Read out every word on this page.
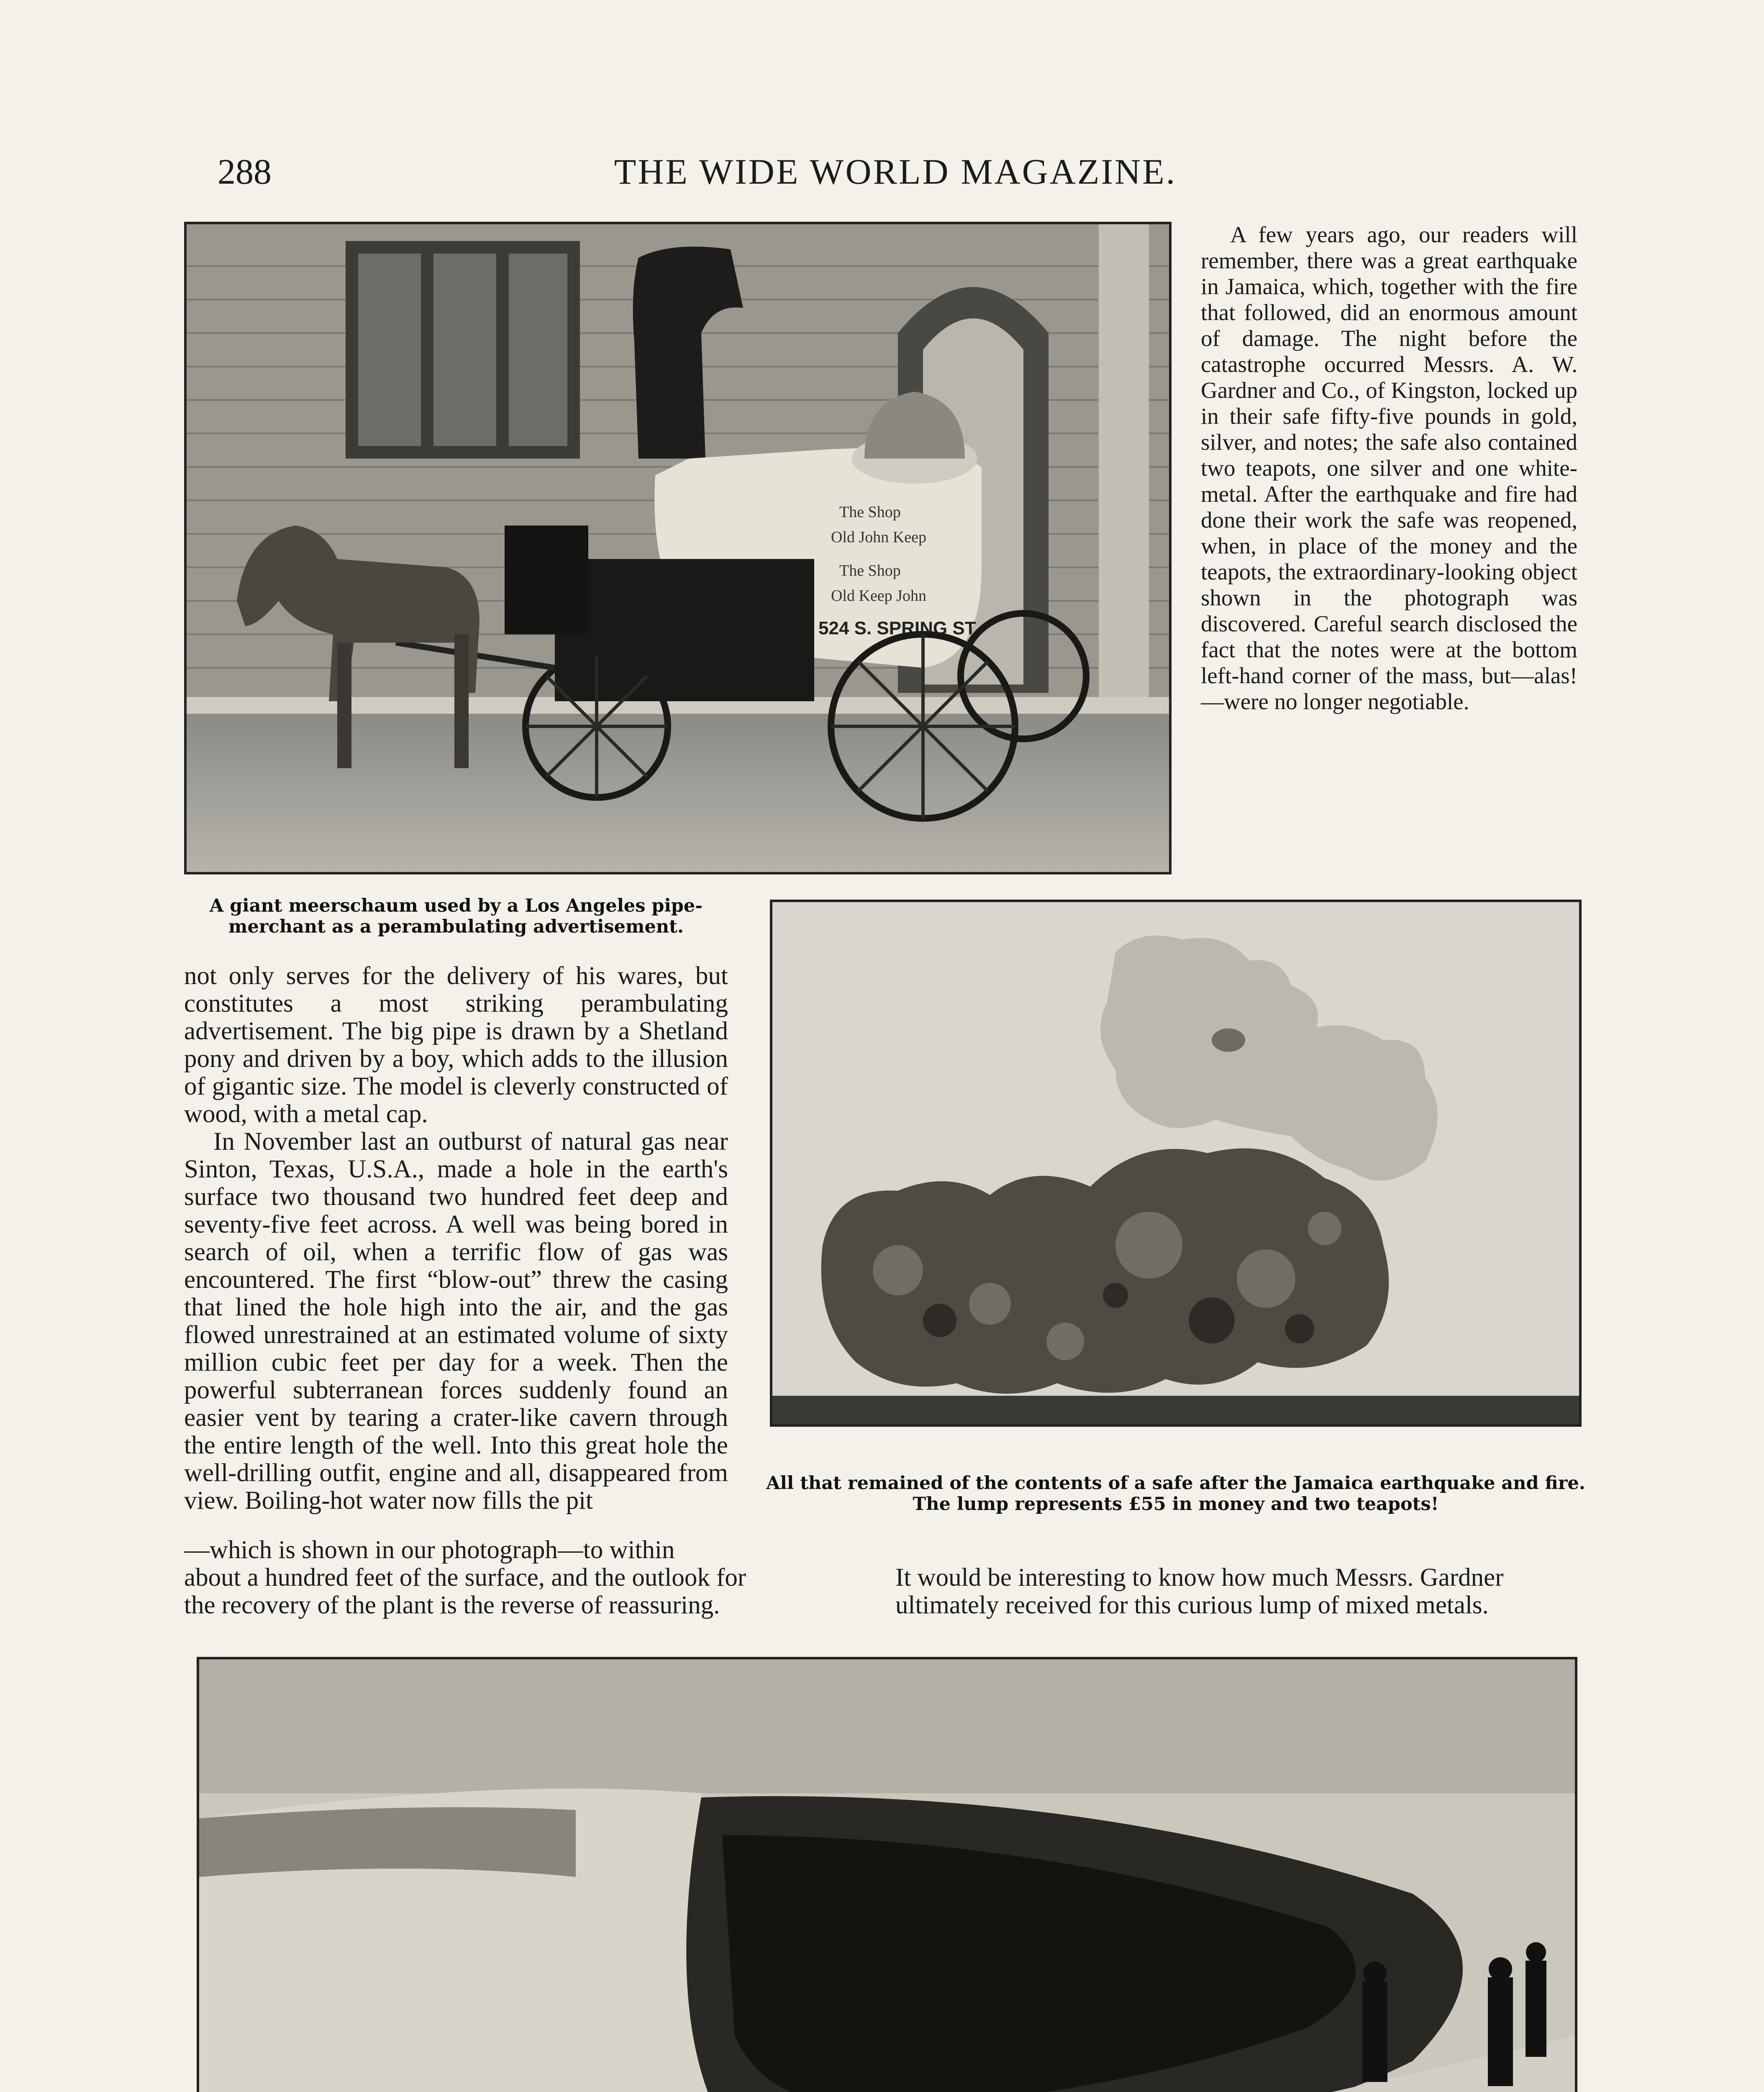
288	THE WIDE WORLD MAGAZINE.
The Shop
Old John Keep
The Shop
Old Keep John
524 S. SPRING ST.

A few years ago, our readers will remember, there was a great earthquake in Jamaica, which, together with the fire that followed, did an enormous amount of damage. The night before the catastrophe occurred Messrs. A. W. Gardner and Co., of Kingston, locked up in their safe fifty-five pounds in gold, silver, and notes; the safe also contained two teapots, one silver and one white-metal. After the earthquake and fire had done their work the safe was reopened, when, in place of the money and the teapots, the extraordinary-looking object shown in the photograph was discovered. Careful search disclosed the fact that the notes were at the bottom left-hand corner of the mass, but—alas!—were no longer negotiable.

A giant meerschaum used by a Los Angeles pipe-merchant as a perambulating advertisement.

not only serves for the delivery of his wares, but constitutes a most striking perambulating advertisement. The big pipe is drawn by a Shetland pony and driven by a boy, which adds to the illusion of gigantic size. The model is cleverly constructed of wood, with a metal cap.

In November last an outburst of natural gas near Sinton, Texas, U.S.A., made a hole in the earth's surface two thousand two hundred feet deep and seventy-five feet across. A well was being bored in search of oil, when a terrific flow of gas was encountered. The first “blow-out” threw the casing that lined the hole high into the air, and the gas flowed unrestrained at an estimated volume of sixty million cubic feet per day for a week. Then the powerful subterranean forces suddenly found an easier vent by tearing a crater-like cavern through the entire length of the well. Into this great hole the well-drilling outfit, engine and all, disappeared from view. Boiling-hot water now fills the pit

All that remained of the contents of a safe after the Jamaica earthquake and fire. The lump represents £55 in money and two teapots!
—which is shown in our photograph—to within
about a hundred feet of the surface, and the outlook for
the recovery of the plant is the reverse of reassuring.
It would be interesting to know how much Messrs. Gardner
ultimately received for this curious lump of mixed metals.
